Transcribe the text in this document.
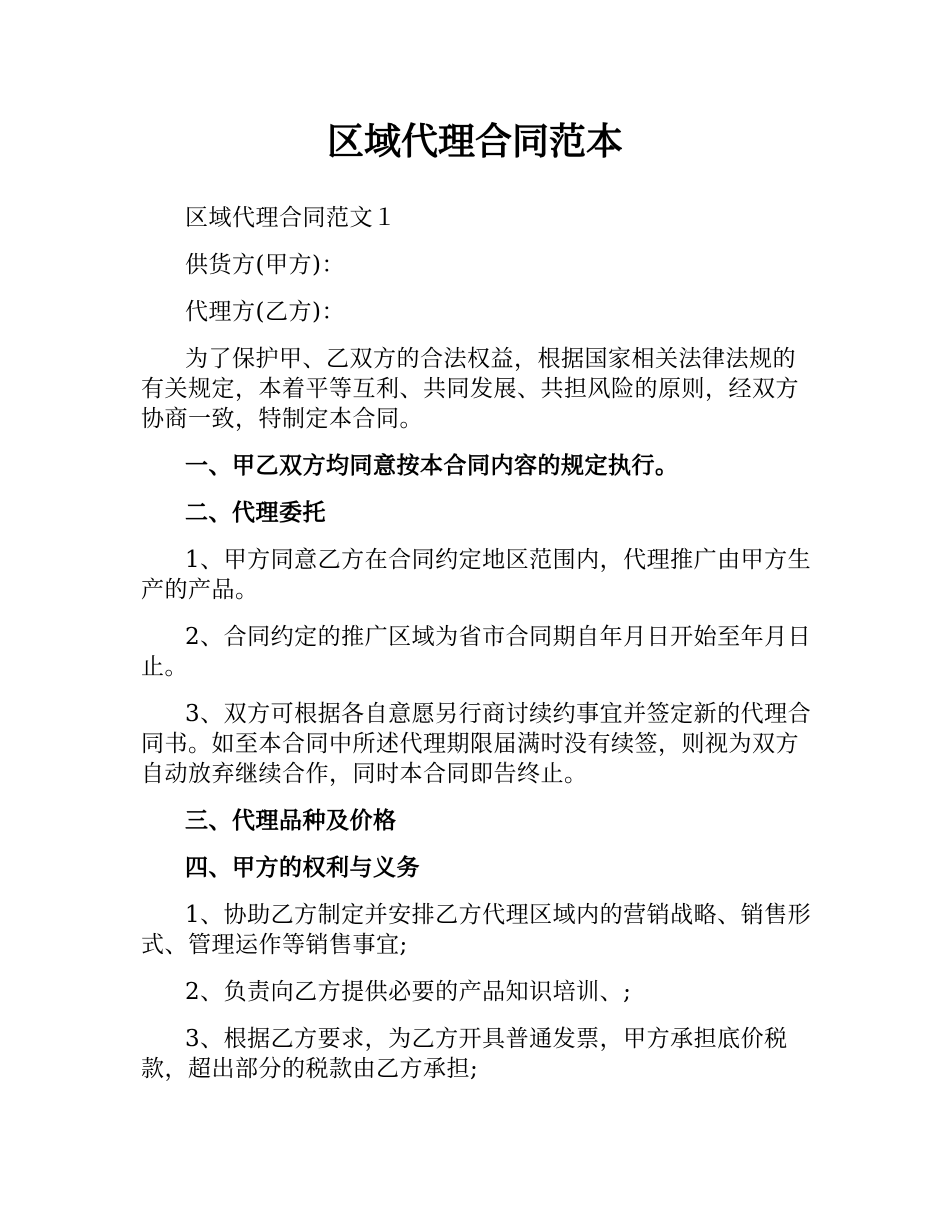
区域代理合同范本

区域代理合同范文１

供货方(甲方)：

代理方(乙方)：

为了保护甲、乙双方的合法权益，根据国家相关法律法规的有关规定，本着平等互利、共同发展、共担风险的原则，经双方协商一致，特制定本合同。

一、甲乙双方均同意按本合同内容的规定执行。

二、代理委托

1、甲方同意乙方在合同约定地区范围内，代理推广由甲方生产的产品。

2、合同约定的推广区域为省市合同期自年月日开始至年月日止。

3、双方可根据各自意愿另行商讨续约事宜并签定新的代理合同书。如至本合同中所述代理期限届满时没有续签，则视为双方自动放弃继续合作，同时本合同即告终止。

三、代理品种及价格

四、甲方的权利与义务

1、协助乙方制定并安排乙方代理区域内的营销战略、销售形式、管理运作等销售事宜;

2、负责向乙方提供必要的产品知识培训、;

3、根据乙方要求，为乙方开具普通发票，甲方承担底价税款，超出部分的税款由乙方承担;
